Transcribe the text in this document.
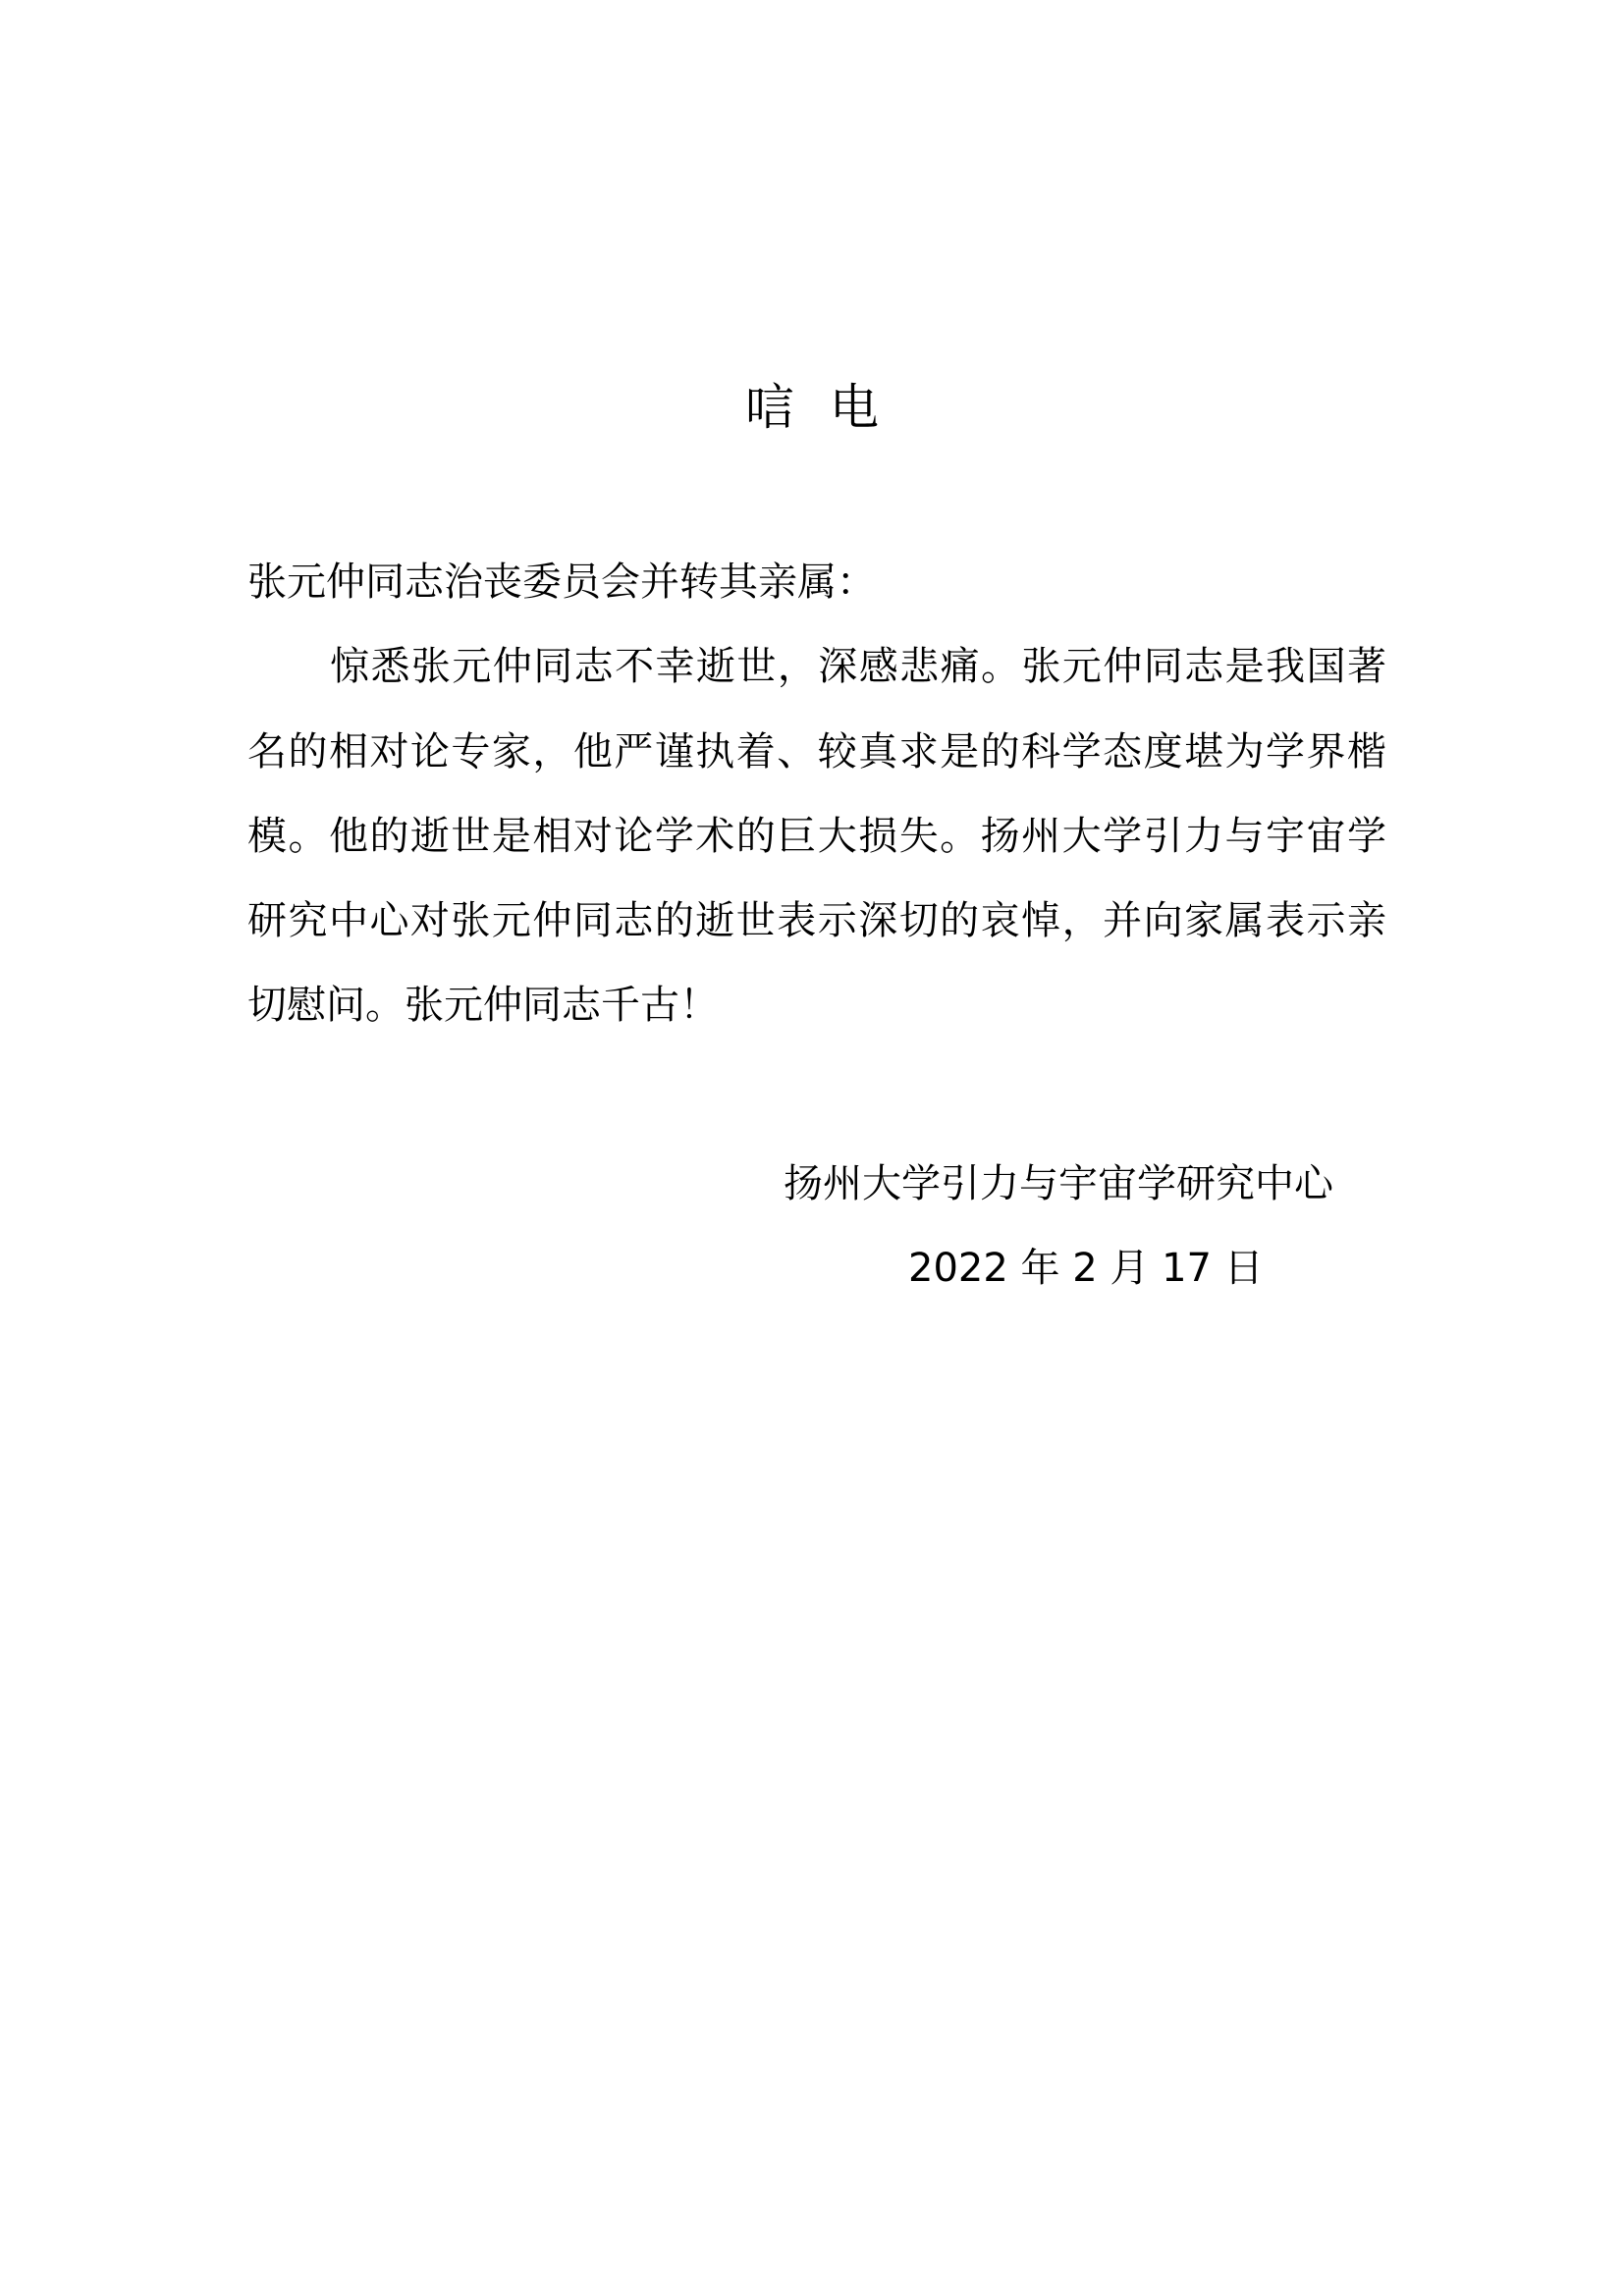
唁电
张元仲同志治丧委员会并转其亲属：
惊悉张元仲同志不幸逝世，深感悲痛。张元仲同志是我国著
名的相对论专家，他严谨执着、较真求是的科学态度堪为学界楷
模。他的逝世是相对论学术的巨大损失。扬州大学引力与宇宙学
研究中心对张元仲同志的逝世表示深切的哀悼，并向家属表示亲
切慰问。张元仲同志千古！
扬州大学引力与宇宙学研究中心
2022 年 2 月 17 日
